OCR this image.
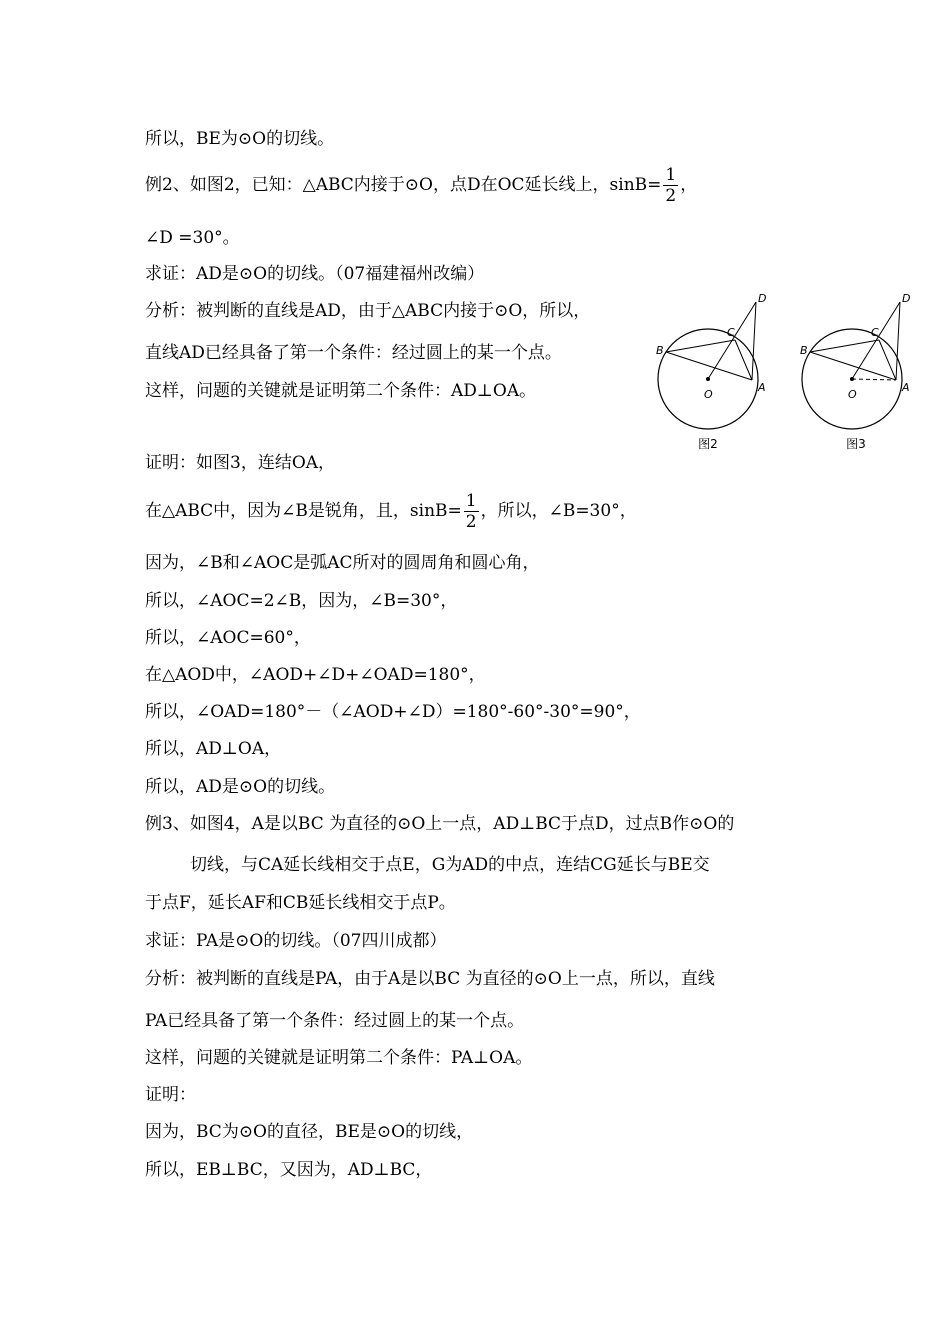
所以，BE为⊙O的切线。
例2、如图2，已知：△ABC内接于⊙O，点D在OC延长线上，$\sin B= \frac{1}{2}$ ，
∠D =30°。
求证：AD是⊙O的切线。（07福建福州改编）
分析：被判断的直线是AD，由于△ABC内接于⊙O，所以，
直线AD已经具备了第一个条件：经过圆上的某一个点。
这样，问题的关键就是证明第二个条件：AD⊥OA。
D
C
B
A
O
图2
D
C
B
A
O
图3
证明：如图3，连结OA，
在△ABC中，因为∠B是锐角，且，$\sin B= \frac{1}{2}$ ，所以，∠B=30°，
因为，∠B和∠AOC是弧AC所对的圆周角和圆心角，
所以，∠AOC=2∠B，因为，∠B=30°，
所以，∠AOC=60°，
在△AOD中，∠AOD+∠D+∠OAD=180°，
所以，∠OAD=180°－（∠AOD+∠D）=180°-60°-30°=90°，
所以，AD⊥OA，
所以，AD是⊙O的切线。
例3、如图4，A是以BC 为直径的⊙O上一点，AD⊥BC于点D，过点B作⊙O的
切线，与CA延长线相交于点E，G为AD的中点，连结CG延长与BE交
于点F，延长AF和CB延长线相交于点P。
求证：PA是⊙O的切线。（07四川成都）
分析：被判断的直线是PA，由于A是以BC 为直径的⊙O上一点，所以，直线
PA已经具备了第一个条件：经过圆上的某一个点。
这样，问题的关键就是证明第二个条件：PA⊥OA。
证明：
因为，BC为⊙O的直径，BE是⊙O的切线，
所以，EB⊥BC，又因为，AD⊥BC，
